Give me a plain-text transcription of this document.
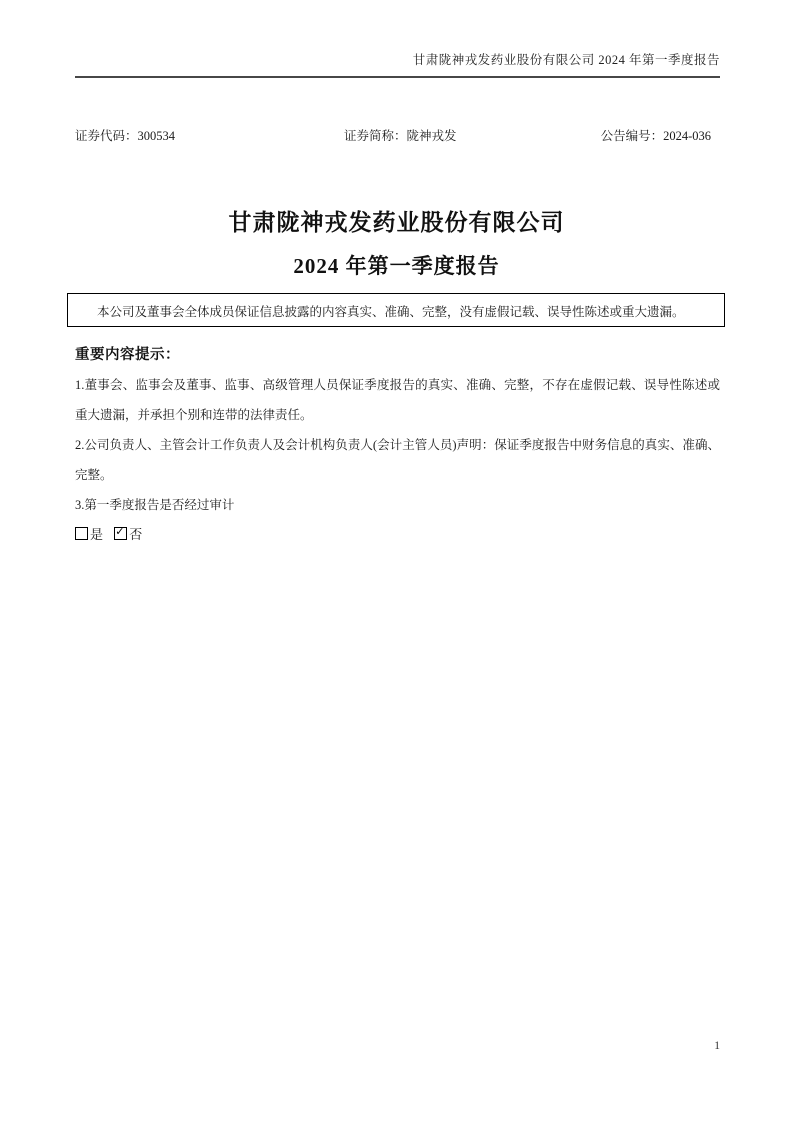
甘肃陇神戎发药业股份有限公司 2024 年第一季度报告
证券代码：300534	证券简称：陇神戎发	公告编号：2024-036
甘肃陇神戎发药业股份有限公司
2024 年第一季度报告
本公司及董事会全体成员保证信息披露的内容真实、准确、完整，没有虚假记载、误导性陈述或重大遗漏。
重要内容提示：

1.董事会、监事会及董事、监事、高级管理人员保证季度报告的真实、准确、完整，不存在虚假记载、误导性陈述或重大遗漏，并承担个别和连带的法律责任。

2.公司负责人、主管会计工作负责人及会计机构负责人(会计主管人员)声明：保证季度报告中财务信息的真实、准确、完整。

3.第一季度报告是否经过审计

是 ✓ 否
1
